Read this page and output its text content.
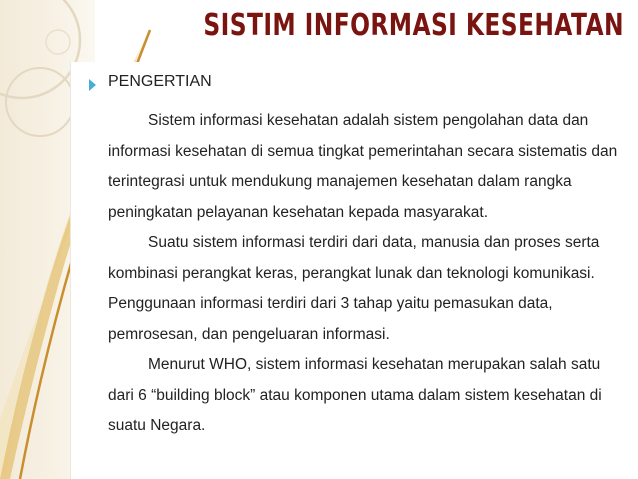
SISTIM INFORMASI KESEHATAN
PENGERTIAN

Sistem informasi kesehatan adalah sistem pengolahan data dan informasi kesehatan di semua tingkat pemerintahan secara sistematis dan terintegrasi untuk mendukung manajemen kesehatan dalam rangka peningkatan pelayanan kesehatan kepada masyarakat.

Suatu sistem informasi terdiri dari data, manusia dan proses serta kombinasi perangkat keras, perangkat lunak dan teknologi komunikasi. Penggunaan informasi terdiri dari 3 tahap yaitu pemasukan data, pemrosesan, dan pengeluaran informasi.

Menurut WHO, sistem informasi kesehatan merupakan salah satu dari 6 “building block” atau komponen utama dalam sistem kesehatan di suatu Negara.
